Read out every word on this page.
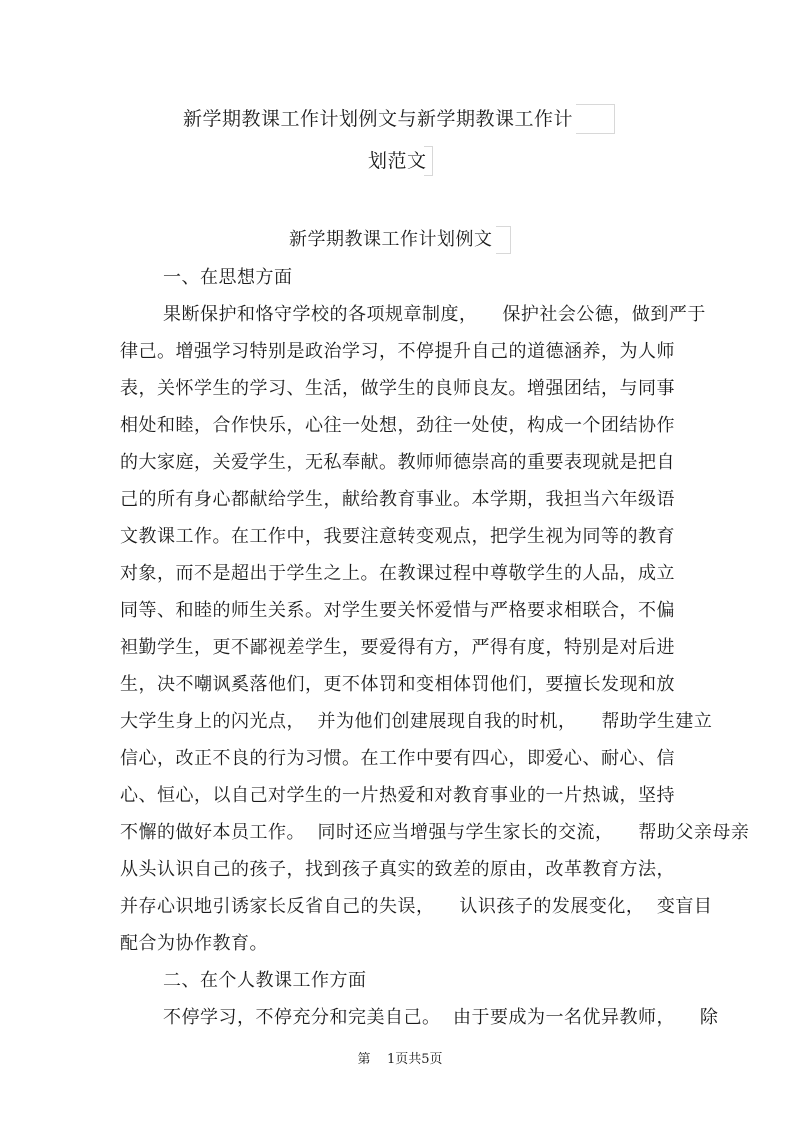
新学期教课工作计划例文与新学期教课工作计
划范文
新学期教课工作计划例文
一、在思想方面
果断保护和恪守学校的各项规章制度，    保护社会公德，做到严于
律己。增强学习特别是政治学习，不停提升自己的道德涵养，为人师
表，关怀学生的学习、生活，做学生的良师良友。增强团结，与同事
相处和睦，合作快乐，心往一处想，劲往一处使，构成一个团结协作
的大家庭，关爱学生，无私奉献。教师师德崇高的重要表现就是把自
己的所有身心都献给学生，献给教育事业。本学期，我担当六年级语
文教课工作。在工作中，我要注意转变观点，把学生视为同等的教育
对象，而不是超出于学生之上。在教课过程中尊敬学生的人品，成立
同等、和睦的师生关系。对学生要关怀爱惜与严格要求相联合，不偏
袒勤学生，更不鄙视差学生，要爱得有方，严得有度，特别是对后进
生，决不嘲讽奚落他们，更不体罚和变相体罚他们，要擅长发现和放
大学生身上的闪光点，  并为他们创建展现自我的时机，    帮助学生建立
信心，改正不良的行为习惯。在工作中要有四心，即爱心、耐心、信
心、恒心，以自己对学生的一片热爱和对教育事业的一片热诚，坚持
不懈的做好本员工作。  同时还应当增强与学生家长的交流，    帮助父亲母亲
从头认识自己的孩子，找到孩子真实的致差的原由，改革教育方法，
并存心识地引诱家长反省自己的失误，    认识孩子的发展变化，  变盲目
配合为协作教育。
二、在个人教课工作方面
不停学习，不停充分和完美自己。  由于要成为一名优异教师，    除
第    1页共5页
